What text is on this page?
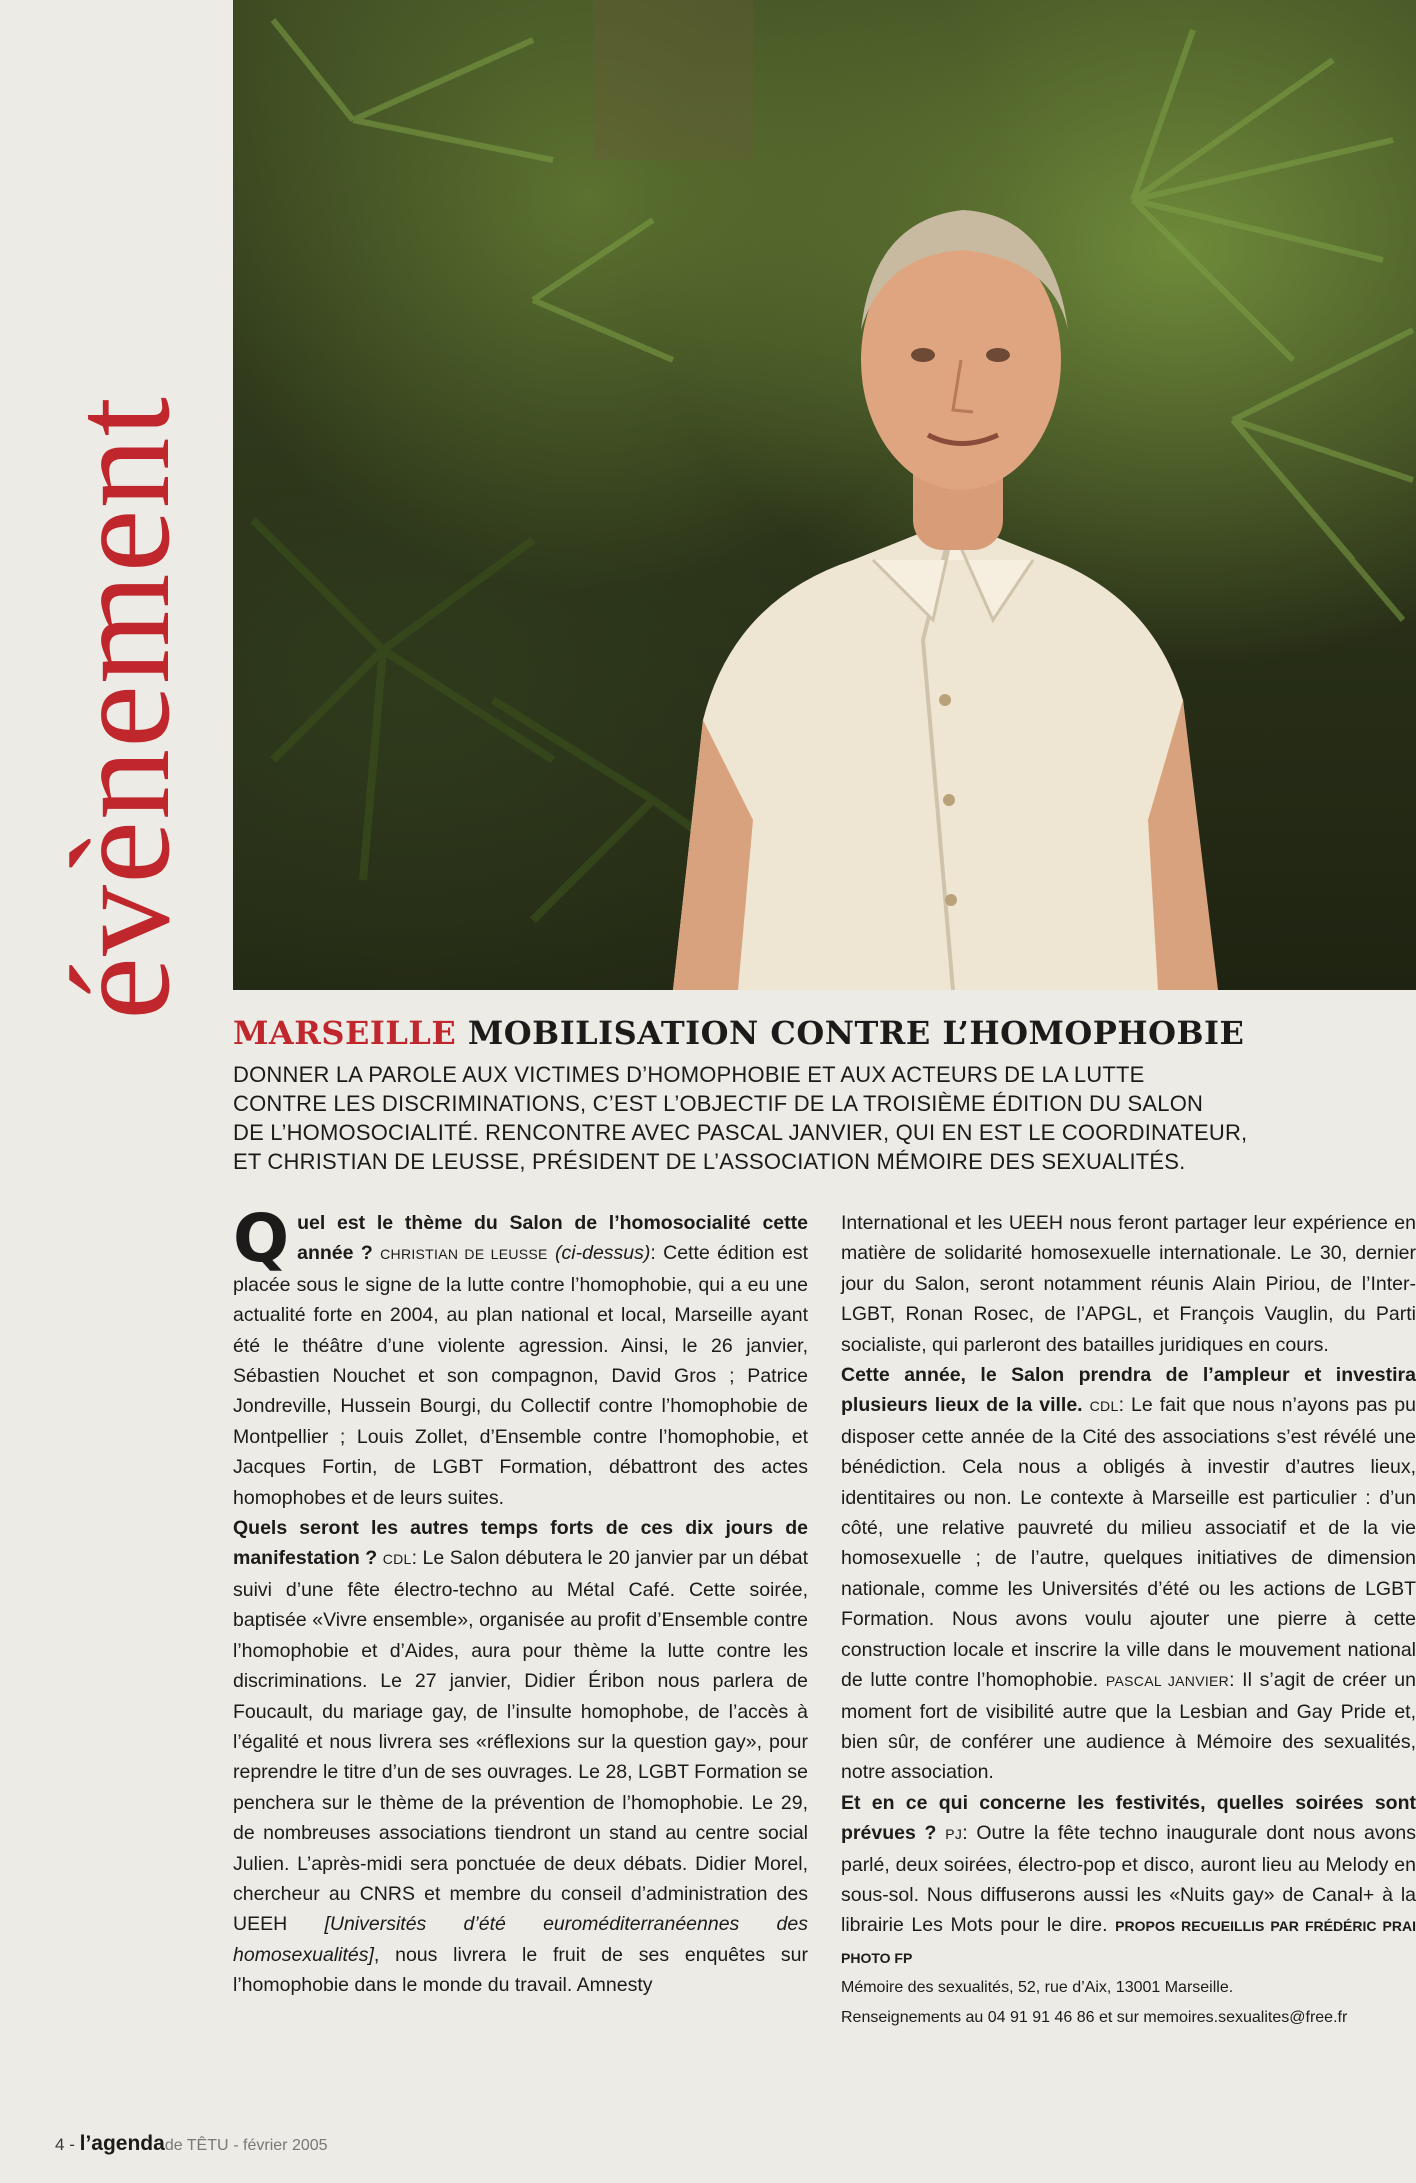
évènement
MARSEILLE MOBILISATION CONTRE L’HOMOPHOBIE
DONNER LA PAROLE AUX VICTIMES D’HOMOPHOBIE ET AUX ACTEURS DE LA LUTTE
CONTRE LES DISCRIMINATIONS, C’EST L’OBJECTIF DE LA TROISIÈME ÉDITION DU SALON
DE L’HOMOSOCIALITÉ. RENCONTRE AVEC PASCAL JANVIER, QUI EN EST LE COORDINATEUR,
ET CHRISTIAN DE LEUSSE, PRÉSIDENT DE L’ASSOCIATION MÉMOIRE DES SEXUALITÉS.

Quel est le thème du Salon de l’homosocialité cette année ? CHRISTIAN DE LEUSSE (ci-dessus): Cette édition est placée sous le signe de la lutte contre l’homophobie, qui a eu une actualité forte en 2004, au plan national et local, Marseille ayant été le théâtre d’une violente agression. Ainsi, le 26 janvier, Sébastien Nouchet et son compagnon, David Gros ; Patrice Jondreville, Hussein Bourgi, du Collectif contre l’homophobie de Montpellier ; Louis Zollet, d’Ensemble contre l’homophobie, et Jacques Fortin, de LGBT Formation, débattront des actes homophobes et de leurs suites.

Quels seront les autres temps forts de ces dix jours de manifestation ? CDL: Le Salon débutera le 20 janvier par un débat suivi d’une fête électro-techno au Métal Café. Cette soirée, baptisée «Vivre ensemble», organisée au profit d’Ensemble contre l’homophobie et d’Aides, aura pour thème la lutte contre les discriminations. Le 27 janvier, Didier Éribon nous parlera de Foucault, du mariage gay, de l’insulte homophobe, de l’accès à l’égalité et nous livrera ses «réflexions sur la question gay», pour reprendre le titre d’un de ses ouvrages. Le 28, LGBT Formation se penchera sur le thème de la prévention de l’homophobie. Le 29, de nombreuses associations tiendront un stand au centre social Julien. L’après-midi sera ponctuée de deux débats. Didier Morel, chercheur au CNRS et membre du conseil d’administration des UEEH [Universités d’été euroméditerranéennes des homosexualités], nous livrera le fruit de ses enquêtes sur l’homophobie dans le monde du travail. Amnesty

International et les UEEH nous feront partager leur expérience en matière de solidarité homosexuelle internationale. Le 30, dernier jour du Salon, seront notamment réunis Alain Piriou, de l’Inter-LGBT, Ronan Rosec, de l’APGL, et François Vauglin, du Parti socialiste, qui parleront des batailles juridiques en cours.

Cette année, le Salon prendra de l’ampleur et investira plusieurs lieux de la ville. CDL: Le fait que nous n’ayons pas pu disposer cette année de la Cité des associations s’est révélé une bénédiction. Cela nous a obligés à investir d’autres lieux, identitaires ou non. Le contexte à Marseille est particulier : d’un côté, une relative pauvreté du milieu associatif et de la vie homosexuelle ; de l’autre, quelques initiatives de dimension nationale, comme les Universités d’été ou les actions de LGBT Formation. Nous avons voulu ajouter une pierre à cette construction locale et inscrire la ville dans le mouvement national de lutte contre l’homophobie. PASCAL JANVIER: Il s’agit de créer un moment fort de visibilité autre que la Lesbian and Gay Pride et, bien sûr, de conférer une audience à Mémoire des sexualités, notre association.

Et en ce qui concerne les festivités, quelles soirées sont prévues ? PJ: Outre la fête techno inaugurale dont nous avons parlé, deux soirées, électro-pop et disco, auront lieu au Melody en sous-sol. Nous diffuserons aussi les «Nuits gay» de Canal+ à la librairie Les Mots pour le dire. PROPOS RECUEILLIS PAR FRÉDÉRIC PRAI PHOTO FP

Mémoire des sexualités, 52, rue d’Aix, 13001 Marseille.

Renseignements au 04 91 91 46 86 et sur memoires.sexualites@free.fr

4 - l’agendade TÊTU - février 2005
